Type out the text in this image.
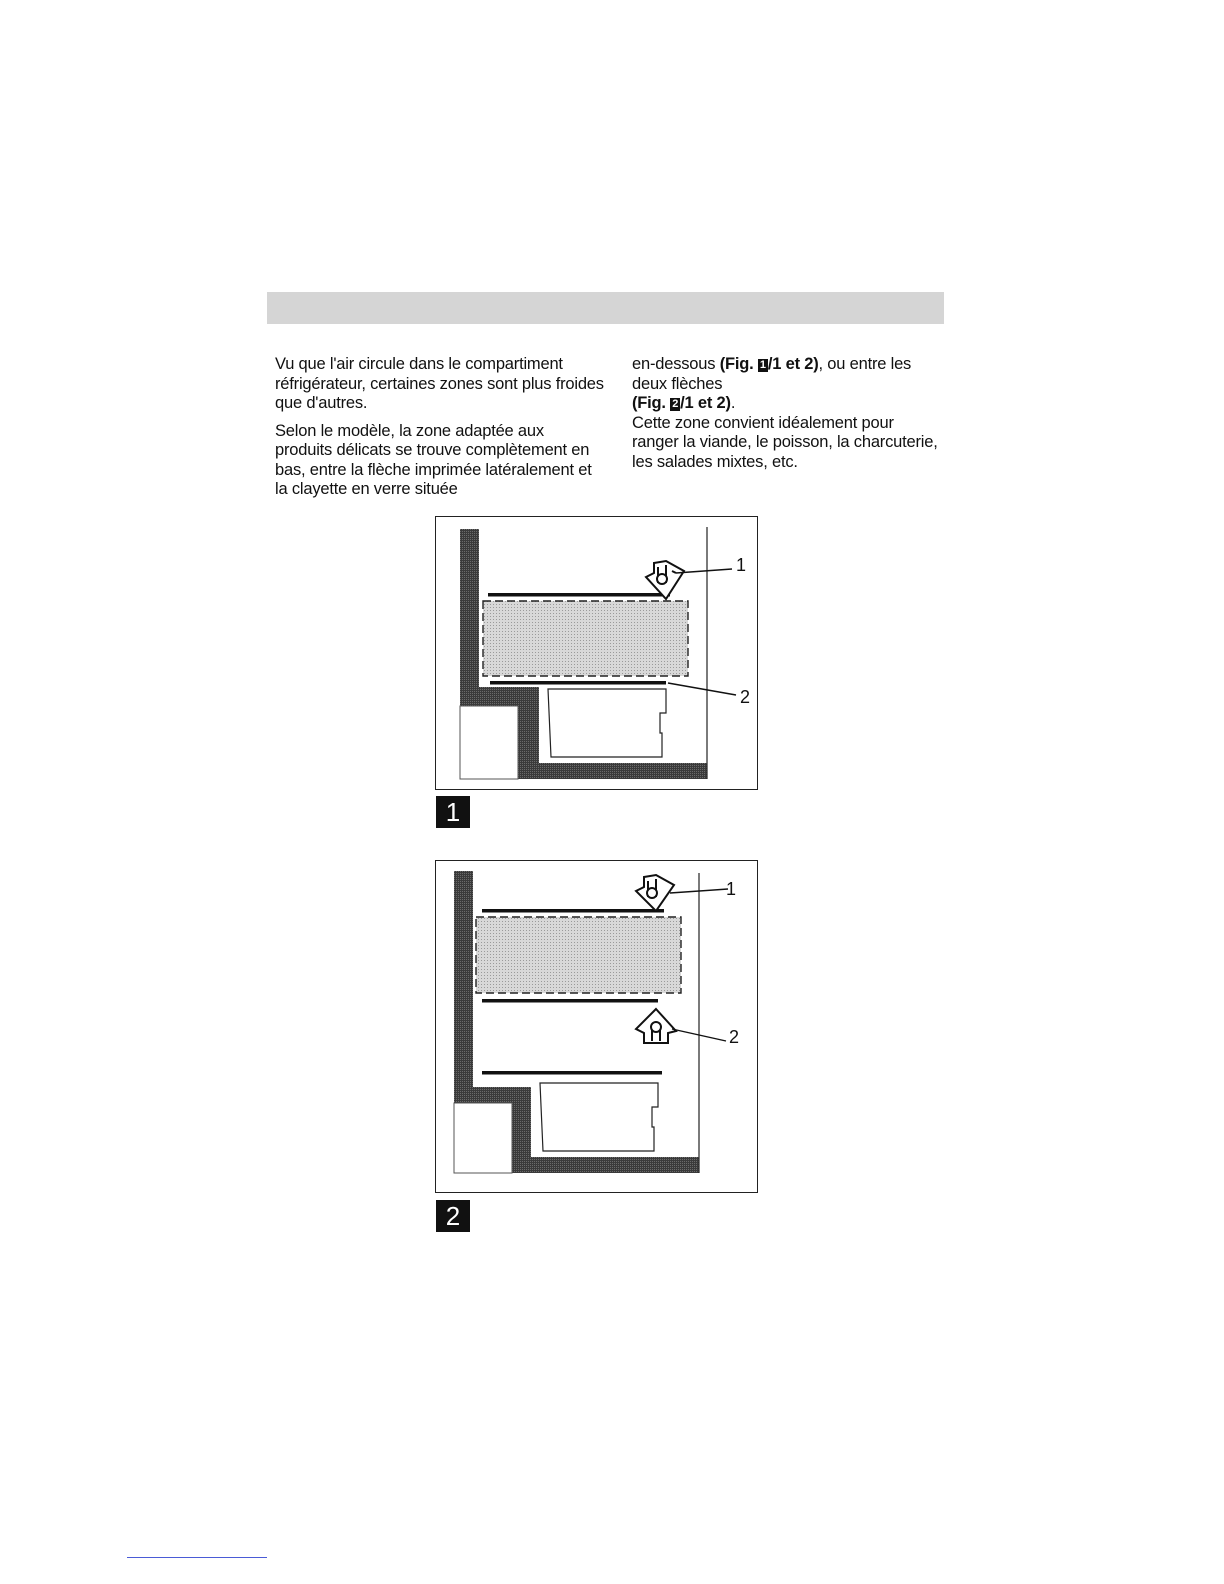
Vu que l'air circule dans le compartiment réfrigérateur, certaines zones sont plus froides que d'autres.

Selon le modèle, la zone adaptée aux produits délicats se trouve complètement en bas, entre la flèche imprimée latéralement et la clayette en verre située

en-dessous (Fig. 1 /1 et 2), ou entre les deux flèches
(Fig. 2 /1 et 2).
Cette zone convient idéalement pour ranger la viande, le poisson, la charcuterie, les salades mixtes, etc.
1
2
1
1
2
2
